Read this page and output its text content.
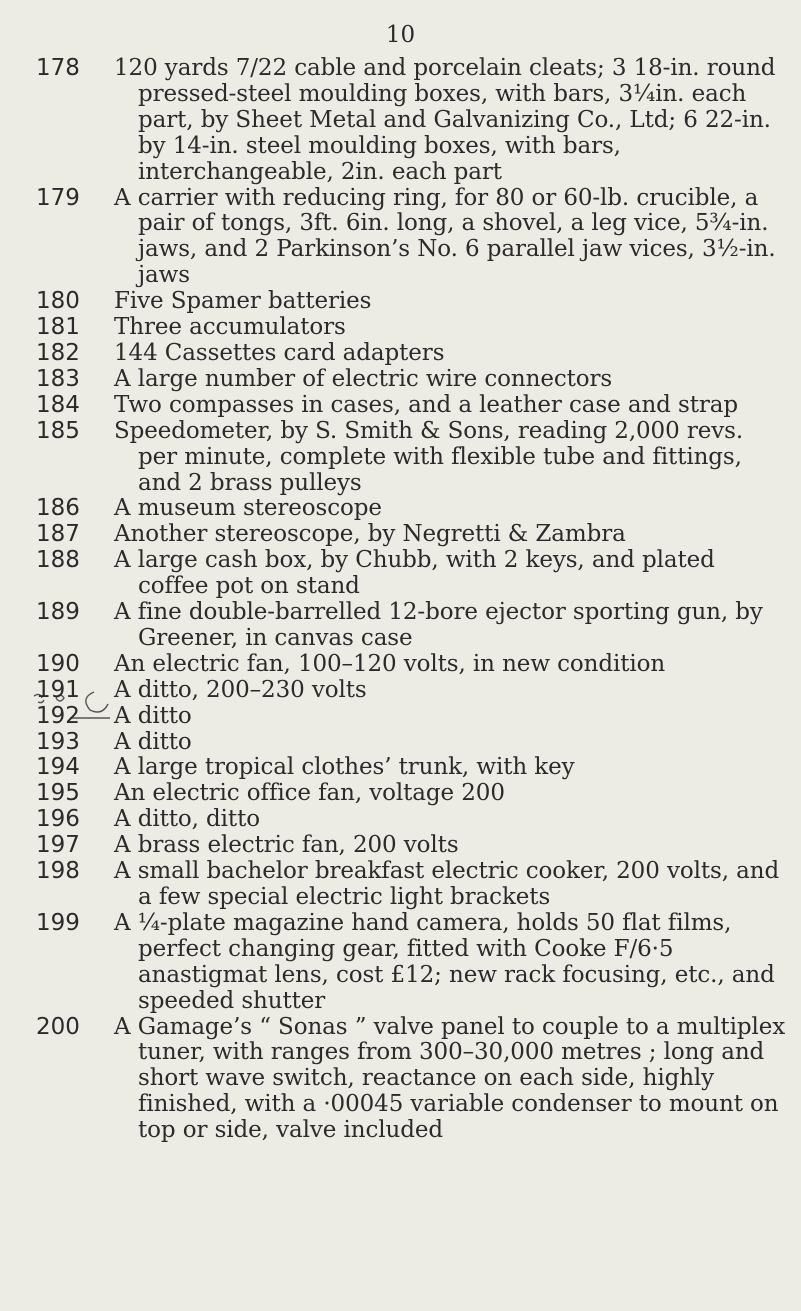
10
178	120 yards 7/22 cable and porcelain cleats; 3 18-in. round pressed-steel moulding boxes, with bars, 3¼in. each part, by Sheet Metal and Galvanizing Co., Ltd; 6 22-in. by 14-in. steel moulding boxes, with bars, interchangeable, 2in. each part
179	A carrier with reducing ring, for 80 or 60-lb. crucible, a pair of tongs, 3ft. 6in. long, a shovel, a leg vice, 5¾-in. jaws, and 2 Parkinson’s No. 6 parallel jaw vices, 3½-in. jaws
180	Five Spamer batteries
181	Three accumulators
182	144 Cassettes card adapters
183	A large number of electric wire connectors
184	Two compasses in cases, and a leather case and strap
185	Speedometer, by S. Smith & Sons, reading 2,000 revs. per minute, complete with flexible tube and fittings, and 2 brass pulleys
186	A museum stereoscope
187	Another stereoscope, by Negretti & Zambra
188	A large cash box, by Chubb, with 2 keys, and plated coffee pot on stand
189	A fine double-barrelled 12-bore ejector sporting gun, by Greener, in canvas case
190	An electric fan, 100–120 volts, in new condition
191	A ditto, 200–230 volts
192	A ditto
193	A ditto
194	A large tropical clothes’ trunk, with key
195	An electric office fan, voltage 200
196	A ditto, ditto
197	A brass electric fan, 200 volts
198	A small bachelor breakfast electric cooker, 200 volts, and a few special electric light brackets
199	A ¼-plate magazine hand camera, holds 50 flat films, perfect changing gear, fitted with Cooke F/6·5 anastigmat lens, cost £12; new rack focusing, etc., and speeded shutter
200	A Gamage’s “ Sonas ” valve panel to couple to a multiplex tuner, with ranges from 300–30,000 metres ; long and short wave switch, reactance on each side, highly finished, with a ·00045 variable condenser to mount on top or side, valve included
